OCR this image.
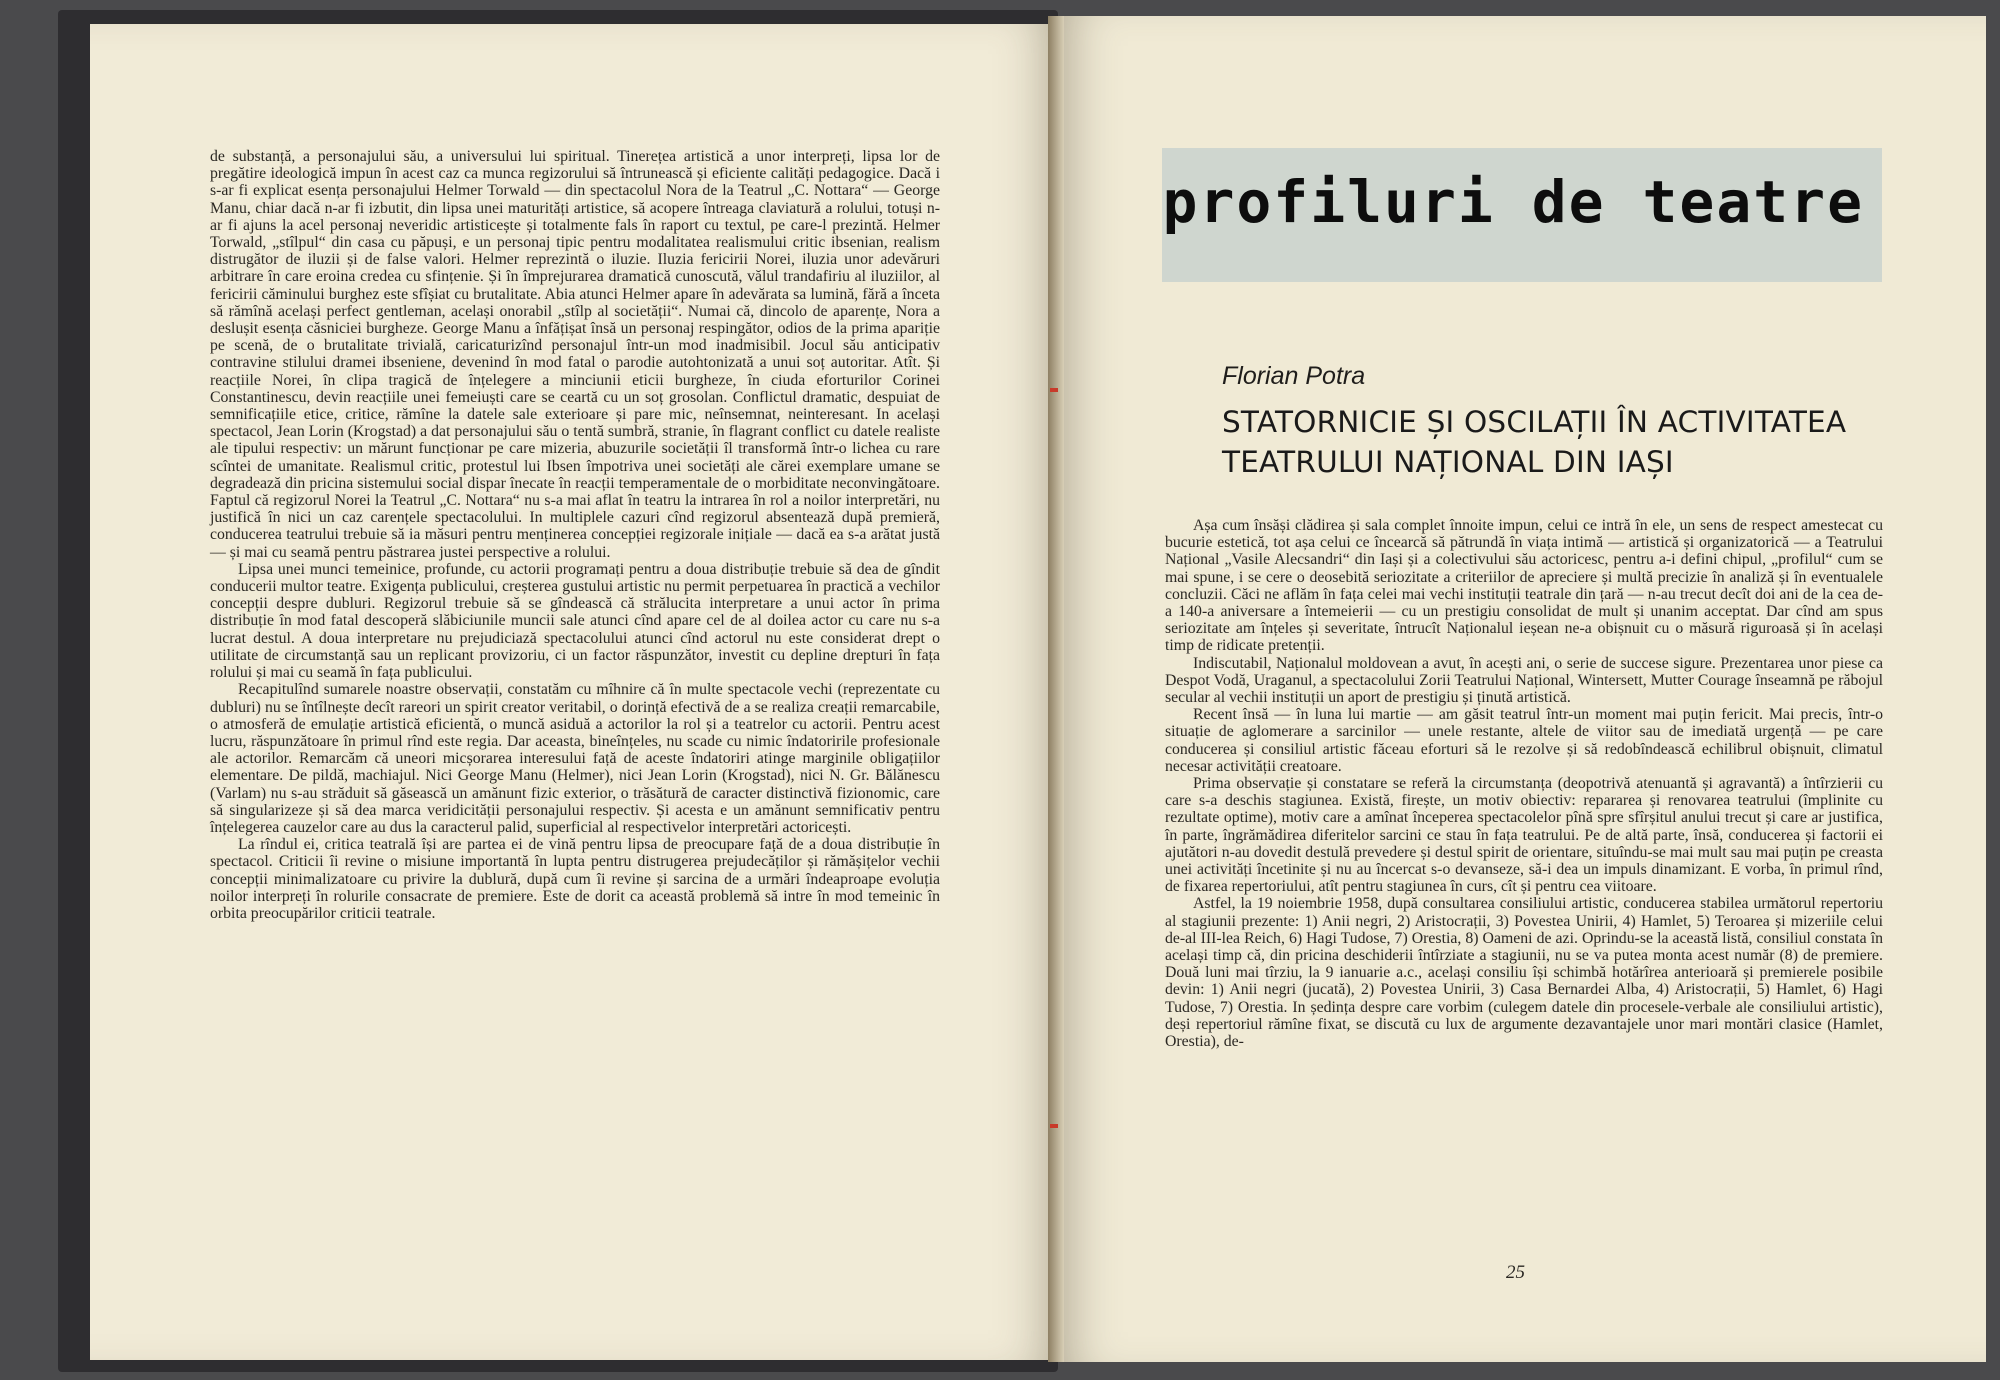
de substanță, a personajului său, a universului lui spiritual. Tinerețea artistică a unor interpreți, lipsa lor de pregătire ideologică impun în acest caz ca munca regizorului să întrunească și eficiente calități pedagogice. Dacă i s-ar fi explicat esența personajului Helmer Torwald — din spectacolul Nora de la Teatrul „C. Nottara“ — George Manu, chiar dacă n-ar fi izbutit, din lipsa unei maturități artistice, să acopere întreaga claviatură a rolului, totuși n-ar fi ajuns la acel personaj neveridic artisticește și totalmente fals în raport cu textul, pe care-l prezintă. Helmer Torwald, „stîlpul“ din casa cu păpuși, e un personaj tipic pentru modalitatea realismului critic ibsenian, realism distrugător de iluzii și de false valori. Helmer reprezintă o iluzie. Iluzia fericirii Norei, iluzia unor adevăruri arbitrare în care eroina credea cu sfințenie. Și în împrejurarea dramatică cunoscută, vălul trandafiriu al iluziilor, al fericirii căminului burghez este sfîșiat cu brutalitate. Abia atunci Helmer apare în adevărata sa lumină, fără a înceta să rămînă același perfect gentleman, același onorabil „stîlp al societății“. Numai că, dincolo de aparențe, Nora a deslușit esența căsniciei burgheze. George Manu a înfățișat însă un personaj respingător, odios de la prima apariție pe scenă, de o brutalitate trivială, caricaturizînd personajul într-un mod inadmisibil. Jocul său anticipativ contravine stilului dramei ibseniene, devenind în mod fatal o parodie autohtonizată a unui soț autoritar. Atît. Și reacțiile Norei, în clipa tragică de înțelegere a minciunii eticii burgheze, în ciuda eforturilor Corinei Constantinescu, devin reacțiile unei femeiuști care se ceartă cu un soț grosolan. Conflictul dramatic, despuiat de semnificațiile etice, critice, rămîne la datele sale exterioare și pare mic, neînsemnat, neinteresant. In același spectacol, Jean Lorin (Krogstad) a dat personajului său o tentă sumbră, stranie, în flagrant conflict cu datele realiste ale tipului respectiv: un mărunt funcționar pe care mizeria, abuzurile societății îl transformă într-o lichea cu rare scîntei de umanitate. Realismul critic, protestul lui Ibsen împotriva unei societăți ale cărei exemplare umane se degradează din pricina sistemului social dispar înecate în reacții temperamentale de o morbiditate neconvingătoare. Faptul că regizorul Norei la Teatrul „C. Nottara“ nu s-a mai aflat în teatru la intrarea în rol a noilor interpretări, nu justifică în nici un caz carențele spectacolului. In multiplele cazuri cînd regizorul absentează după premieră, conducerea teatrului trebuie să ia măsuri pentru menținerea concepției regizorale inițiale — dacă ea s-a arătat justă — și mai cu seamă pentru păstrarea justei perspective a rolului.

Lipsa unei munci temeinice, profunde, cu actorii programați pentru a doua distribuție trebuie să dea de gîndit conducerii multor teatre. Exigența publicului, creșterea gustului artistic nu permit perpetuarea în practică a vechilor concepții despre dubluri. Regizorul trebuie să se gîndească că strălucita interpretare a unui actor în prima distribuție în mod fatal descoperă slăbiciunile muncii sale atunci cînd apare cel de al doilea actor cu care nu s-a lucrat destul. A doua interpretare nu prejudiciază spectacolului atunci cînd actorul nu este considerat drept o utilitate de circumstanță sau un replicant provizoriu, ci un factor răspunzător, investit cu depline drepturi în fața rolului și mai cu seamă în fața publicului.

Recapitulînd sumarele noastre observații, constatăm cu mîhnire că în multe spectacole vechi (reprezentate cu dubluri) nu se întîlnește decît rareori un spirit creator veritabil, o dorință efectivă de a se realiza creații remarcabile, o atmosferă de emulație artistică eficientă, o muncă asiduă a actorilor la rol și a teatrelor cu actorii. Pentru acest lucru, răspunzătoare în primul rînd este regia. Dar aceasta, bineînțeles, nu scade cu nimic îndatoririle profesionale ale actorilor. Remarcăm că uneori micșorarea interesului față de aceste îndatoriri atinge marginile obligațiilor elementare. De pildă, machiajul. Nici George Manu (Helmer), nici Jean Lorin (Krogstad), nici N. Gr. Bălănescu (Varlam) nu s-au străduit să găsească un amănunt fizic exterior, o trăsătură de caracter distinctivă fizionomic, care să singularizeze și să dea marca veridicității personajului respectiv. Și acesta e un amănunt semnificativ pentru înțelegerea cauzelor care au dus la caracterul palid, superficial al respectivelor interpretări actoricești.

La rîndul ei, critica teatrală își are partea ei de vină pentru lipsa de preocupare față de a doua distribuție în spectacol. Criticii îi revine o misiune importantă în lupta pentru distrugerea prejudecăților și rămășițelor vechii concepții minimalizatoare cu privire la dublură, după cum îi revine și sarcina de a urmări îndeaproape evoluția noilor interpreți în rolurile consacrate de premiere. Este de dorit ca această problemă să intre în mod temeinic în orbita preocupărilor criticii teatrale.

profiluri de teatre
Florian Potra
STATORNICIE ȘI OSCILAȚII ÎN ACTIVITATEA
TEATRULUI NAȚIONAL DIN IAȘI

Așa cum însăși clădirea și sala complet înnoite impun, celui ce intră în ele, un sens de respect amestecat cu bucurie estetică, tot așa celui ce încearcă să pătrundă în viața intimă — artistică și organizatorică — a Teatrului Național „Vasile Alecsandri“ din Iași și a colectivului său actoricesc, pentru a-i defini chipul, „profilul“ cum se mai spune, i se cere o deosebită seriozitate a criteriilor de apreciere și multă precizie în analiză și în eventualele concluzii. Căci ne aflăm în fața celei mai vechi instituții teatrale din țară — n-au trecut decît doi ani de la cea de-a 140-a aniversare a întemeierii — cu un prestigiu consolidat de mult și unanim acceptat. Dar cînd am spus seriozitate am înțeles și severitate, întrucît Naționalul ieșean ne-a obișnuit cu o măsură riguroasă și în același timp de ridicate pretenții.

Indiscutabil, Naționalul moldovean a avut, în acești ani, o serie de succese sigure. Prezentarea unor piese ca Despot Vodă, Uraganul, a spectacolului Zorii Teatrului Național, Wintersett, Mutter Courage înseamnă pe răbojul secular al vechii instituții un aport de prestigiu și ținută artistică.

Recent însă — în luna lui martie — am găsit teatrul într-un moment mai puțin fericit. Mai precis, într-o situație de aglomerare a sarcinilor — unele restante, altele de viitor sau de imediată urgență — pe care conducerea și consiliul artistic făceau eforturi să le rezolve și să redobîndească echilibrul obișnuit, climatul necesar activității creatoare.

Prima observație și constatare se referă la circumstanța (deopotrivă atenuantă și agravantă) a întîrzierii cu care s-a deschis stagiunea. Există, firește, un motiv obiectiv: repararea și renovarea teatrului (împlinite cu rezultate optime), motiv care a amînat începerea spectacolelor pînă spre sfîrșitul anului trecut și care ar justifica, în parte, îngrămădirea diferitelor sarcini ce stau în fața teatrului. Pe de altă parte, însă, conducerea și factorii ei ajutători n-au dovedit destulă prevedere și destul spirit de orientare, situîndu-se mai mult sau mai puțin pe creasta unei activități încetinite și nu au încercat s-o devanseze, să-i dea un impuls dinamizant. E vorba, în primul rînd, de fixarea repertoriului, atît pentru stagiunea în curs, cît și pentru cea viitoare.

Astfel, la 19 noiembrie 1958, după consultarea consiliului artistic, conducerea stabilea următorul repertoriu al stagiunii prezente: 1) Anii negri, 2) Aristocrații, 3) Povestea Unirii, 4) Hamlet, 5) Teroarea și mizeriile celui de-al III-lea Reich, 6) Hagi Tudose, 7) Orestia, 8) Oameni de azi. Oprindu-se la această listă, consiliul constata în același timp că, din pricina deschiderii întîrziate a stagiunii, nu se va putea monta acest număr (8) de premiere. Două luni mai tîrziu, la 9 ianuarie a.c., același consiliu își schimbă hotărîrea anterioară și premierele posibile devin: 1) Anii negri (jucată), 2) Povestea Unirii, 3) Casa Bernardei Alba, 4) Aristocrații, 5) Hamlet, 6) Hagi Tudose, 7) Orestia. In ședința despre care vorbim (culegem datele din procesele-verbale ale consiliului artistic), deși repertoriul rămîne fixat, se discută cu lux de argumente dezavantajele unor mari montări clasice (Hamlet, Orestia), de-

25
